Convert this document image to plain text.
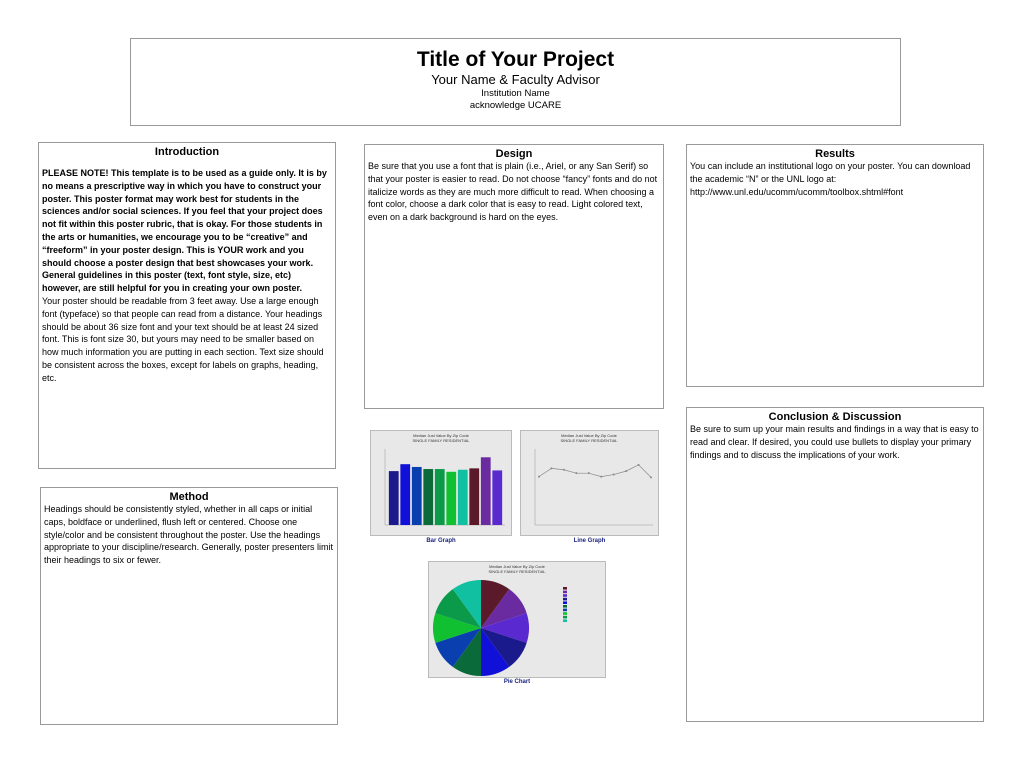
Title of Your Project
Your Name & Faculty Advisor
Institution Name
acknowledge UCARE
Introduction

PLEASE NOTE! This template is to be used as a guide only. It is by no means a prescriptive way in which you have to construct your poster. This poster format may work best for students in the sciences and/or social sciences. If you feel that your project does not fit within this poster rubric, that is okay. For those students in the arts or humanities, we encourage you to be “creative” and “freeform” in your poster design. This is YOUR work and you should choose a poster design that best showcases your work. General guidelines in this poster (text, font style, size, etc) however, are still helpful for you in creating your own poster.

Your poster should be readable from 3 feet away. Use a large enough font (typeface) so that people can read from a distance. Your headings should be about 36 size font and your text should be at least 24 sized font. This is font size 30, but yours may need to be smaller based on how much information you are putting in each section. Text size should be consistent across the boxes, except for labels on graphs, heading, etc.

Method

Headings should be consistently styled, whether in all caps or initial caps, boldface or underlined, flush left or centered. Choose one style/color and be consistent throughout the poster. Use the headings appropriate to your discipline/research. Generally, poster presenters limit their headings to six or fewer.

Design

Be sure that you use a font that is plain (i.e., Ariel, or any San Serif) so that your poster is easier to read. Do not choose “fancy” fonts and do not italicize words as they are much more difficult to read. When choosing a font color, choose a dark color that is easy to read. Light colored text, even on a dark background is hard on the eyes.

Results

You can include an institutional logo on your poster. You can download the academic “N” or the UNL logo at: http://www.unl.edu/ucomm/ucomm/toolbox.shtml#font

Conclusion & Discussion

Be sure to sum up your main results and findings in a way that is easy to read and clear. If desired, you could use bullets to display your primary findings and to discuss the implications of your work.

Median Just Value By Zip Code
SINGLE FAMILY RESIDENTIAL
Bar Graph
Median Just Value By Zip Code
SINGLE FAMILY RESIDENTIAL
Line Graph
Median Just Value By Zip Code
SINGLE FAMILY RESIDENTIAL
Pie Chart
